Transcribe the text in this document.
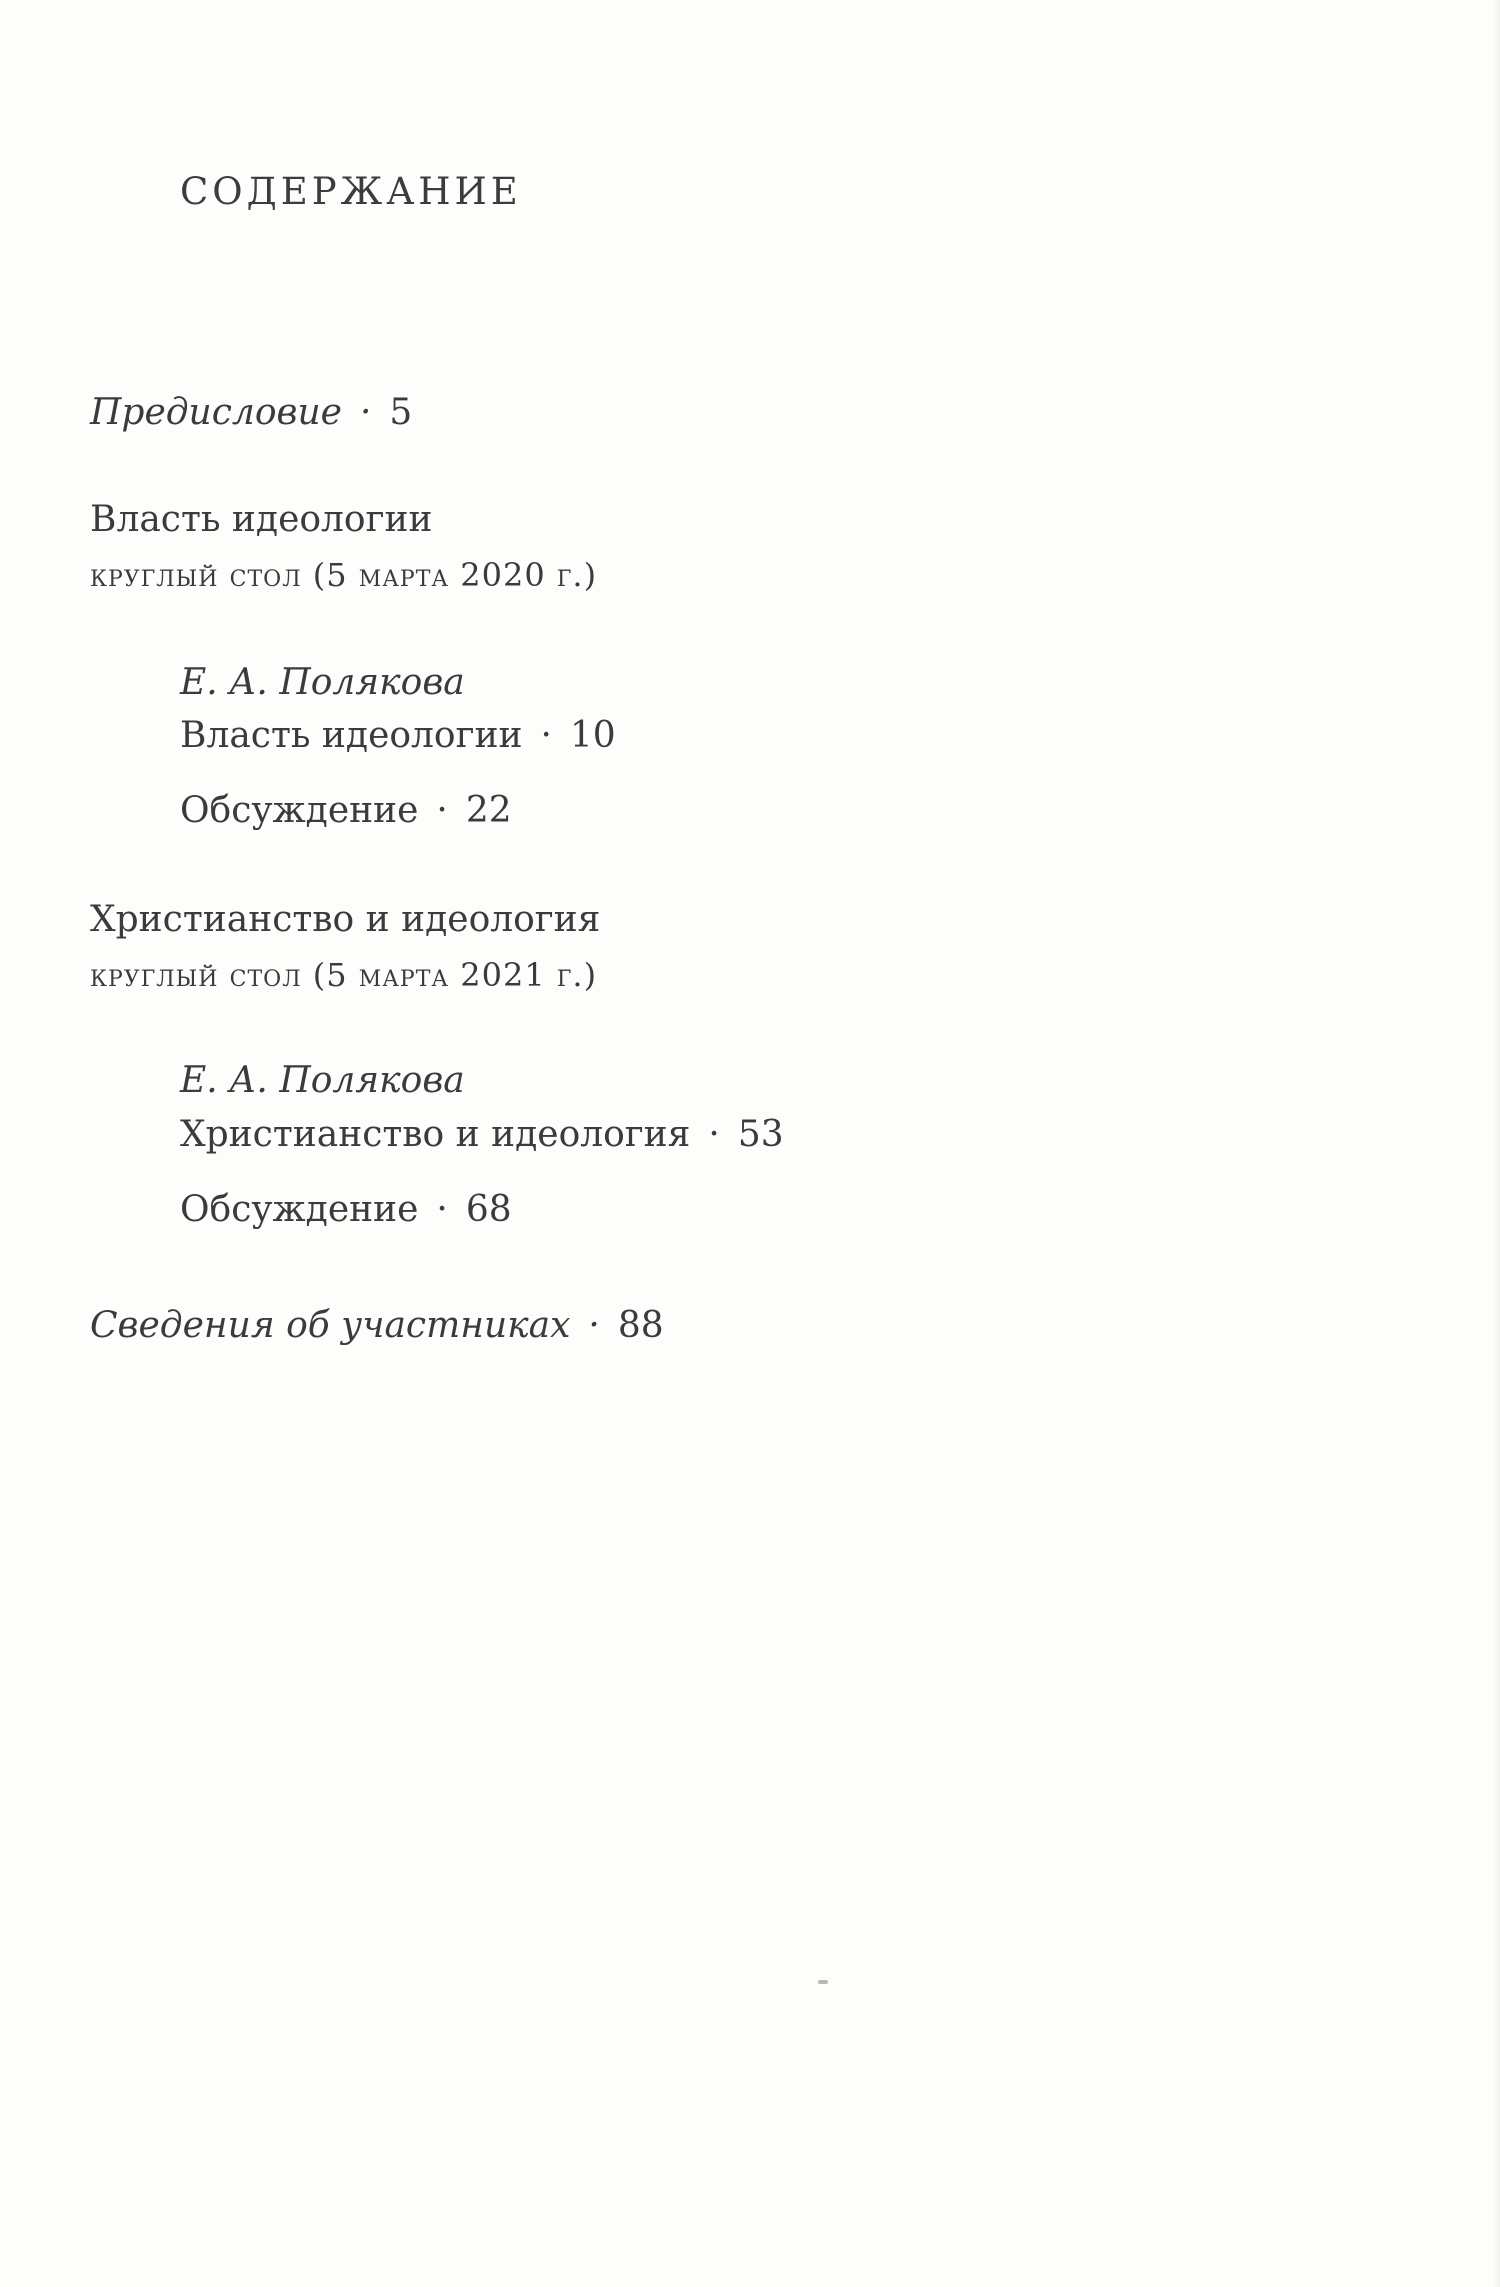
СОДЕРЖАНИЕ
Предисловие · 5
Власть идеологии
круглый стол (5 марта 2020 г.)
Е. А. Полякова
Власть идеологии · 10
Обсуждение · 22
Христианство и идеология
круглый стол (5 марта 2021 г.)
Е. А. Полякова
Христианство и идеология · 53
Обсуждение · 68
Сведения об участниках · 88
